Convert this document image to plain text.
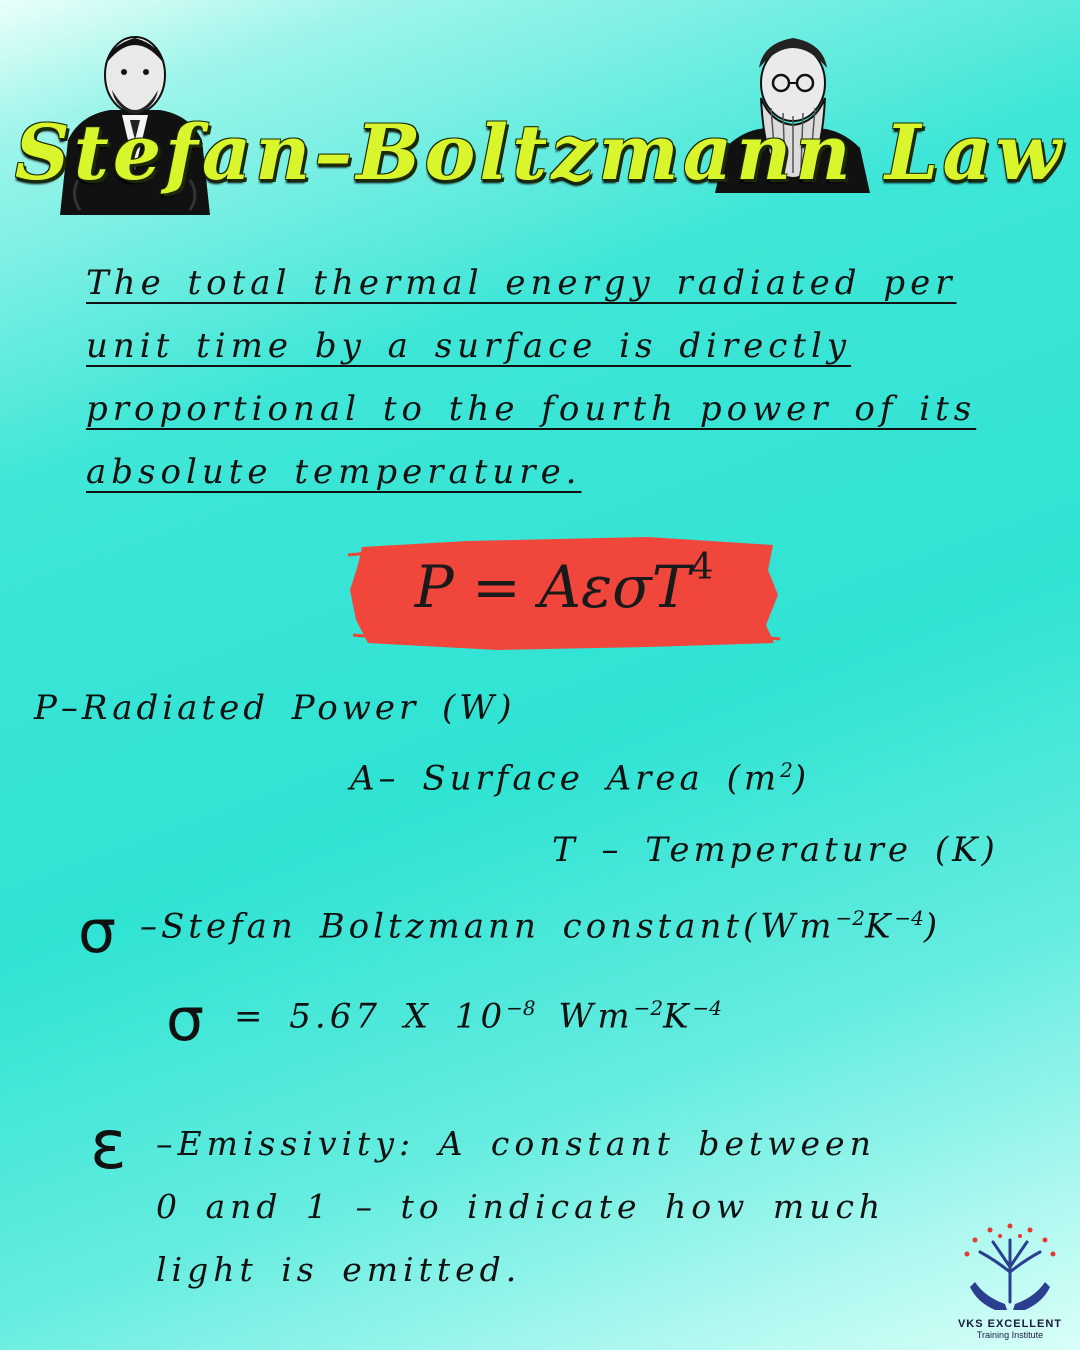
Stefan–Boltzmann Law
The total thermal energy radiated per unit time by a surface is directly proportional to the fourth power of its absolute temperature.
P = AεσT$^4$
P–Radiated Power (W)
A– Surface Area $(m^2)$
T – Temperature (K)
σ –Stefan Boltzmann $constant(Wm^{-2}K^{-4})$
σ = 5.67 X $10^{-8}$ $Wm^{-2}K^{-4}$
ε –Emissivity: A constant between 0 and 1 – to indicate how much light is emitted.
VKS EXCELLENT
Training Institute
